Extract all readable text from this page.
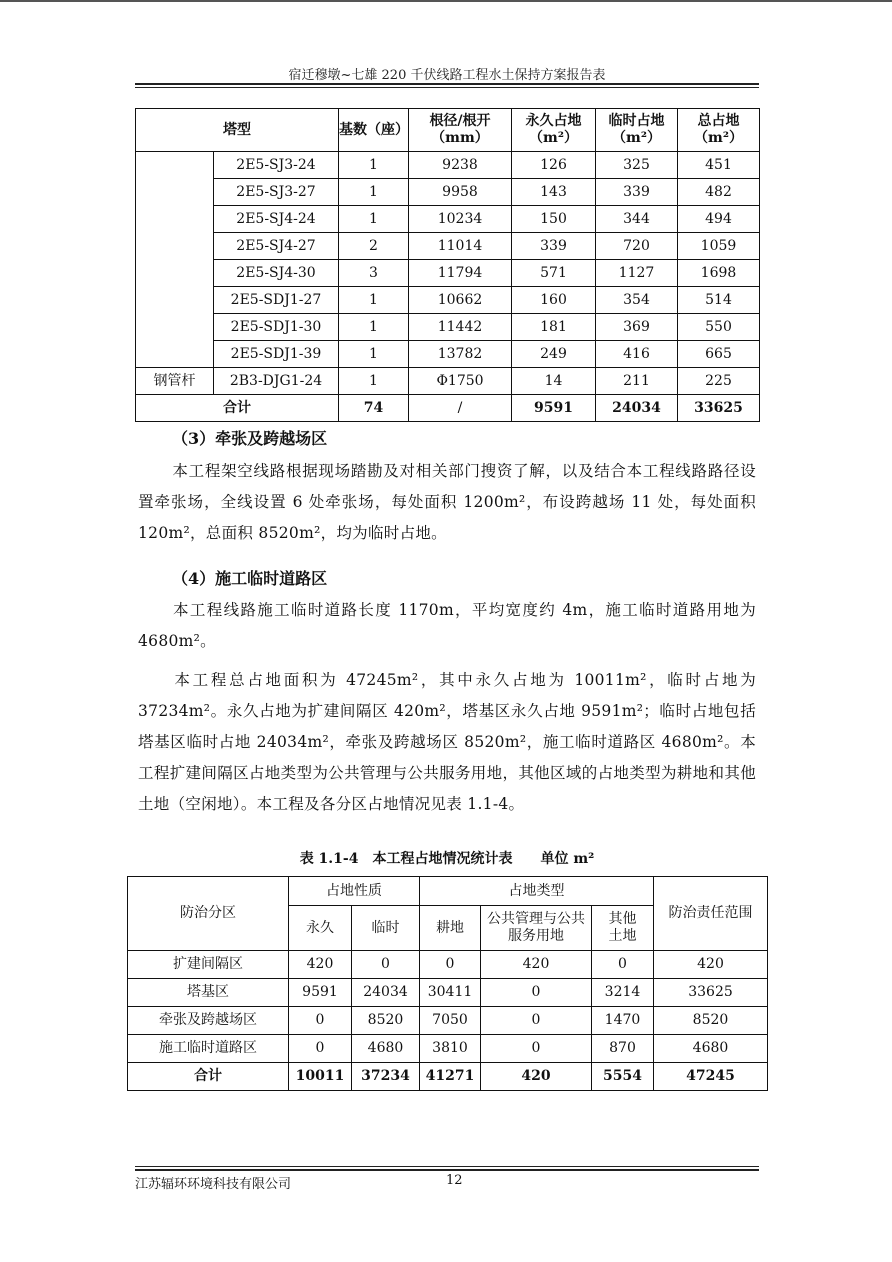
宿迁穆墩~七雄 220 千伏线路工程水土保持方案报告表
塔型		基数（座）	根径/根开（mm）	永久占地（m²）	临时占地（m²）	总占地（m²）
	2E5-SJ3-24	1	9238	126	325	451
	2E5-SJ3-27	1	9958	143	339	482
	2E5-SJ4-24	1	10234	150	344	494
	2E5-SJ4-27	2	11014	339	720	1059
	2E5-SJ4-30	3	11794	571	1127	1698
	2E5-SDJ1-27	1	10662	160	354	514
	2E5-SDJ1-30	1	11442	181	369	550
	2E5-SDJ1-39	1	13782	249	416	665
钢管杆	2B3-DJG1-24	1	Φ1750	14	211	225
合计		74	/	9591	24034	33625
（3）牵张及跨越场区
本工程架空线路根据现场踏勘及对相关部门搜资了解，以及结合本工程线路路径设置牵张场，全线设置 6 处牵张场，每处面积 1200m²，布设跨越场 11 处，每处面积 120m²，总面积 8520m²，均为临时占地。
（4）施工临时道路区
本工程线路施工临时道路长度 1170m，平均宽度约 4m，施工临时道路用地为 4680m²。
本工程总占地面积为 47245m²，其中永久占地为 10011m²，临时占地为 37234m²。永久占地为扩建间隔区 420m²，塔基区永久占地 9591m²；临时占地包括塔基区临时占地 24034m²，牵张及跨越场区 8520m²，施工临时道路区 4680m²。本工程扩建间隔区占地类型为公共管理与公共服务用地，其他区域的占地类型为耕地和其他土地（空闲地）。本工程及各分区占地情况见表 1.1-4。
表 1.1-4　本工程占地情况统计表　　单位 m²
防治分区	占地性质		占地类型			防治责任范围
	永久	临时	耕地	公共管理与公共服务用地	其他土地	
扩建间隔区	420	0	0	420	0	420
塔基区	9591	24034	30411	0	3214	33625
牵张及跨越场区	0	8520	7050	0	1470	8520
施工临时道路区	0	4680	3810	0	870	4680
合计	10011	37234	41271	420	5554	47245
江苏辐环环境科技有限公司	12
